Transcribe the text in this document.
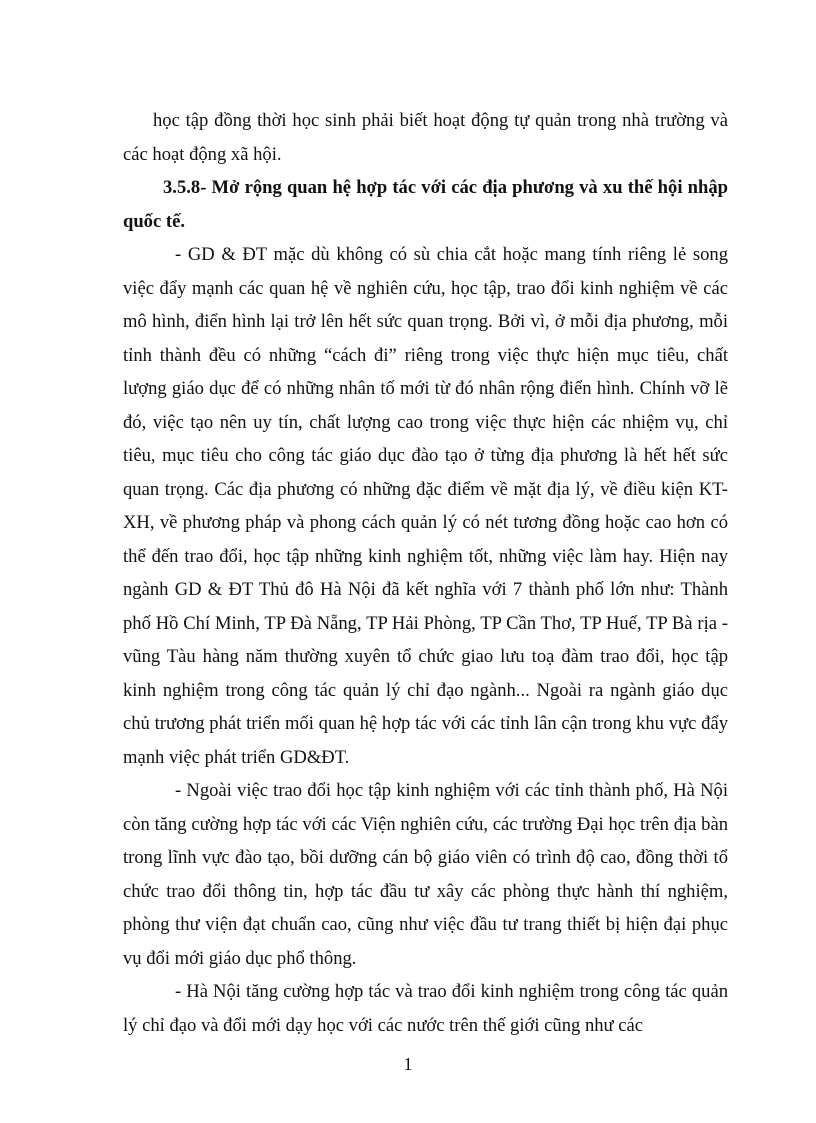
học tập đồng thời học sinh phải biết hoạt động tự quản trong nhà trường và các hoạt động xã hội.

3.5.8- Mở rộng quan hệ hợp tác với các địa phương và xu thế hội nhập quốc tế.

- GD & ĐT mặc dù không có sù chia cắt hoặc mang tính riêng lẻ song việc đẩy mạnh các quan hệ về nghiên cứu, học tập, trao đổi kinh nghiệm về các mô hình, điển hình lại trở lên hết sức quan trọng. Bởi vì, ở mỗi địa phương, mỗi tỉnh thành đều có những “cách đi” riêng trong việc thực hiện mục tiêu, chất lượng giáo dục để có những nhân tố mới từ đó nhân rộng điển hình. Chính vỡ lẽ đó, việc tạo nên uy tín, chất lượng cao trong việc thực hiện các nhiệm vụ, chỉ tiêu, mục tiêu cho công tác giáo dục đào tạo ở từng địa phương là hết hết sức quan trọng. Các địa phương có những đặc điểm về mặt địa lý, về điều kiện KT-XH, về phương pháp và phong cách quản lý có nét tương đồng hoặc cao hơn có thể đến trao đổi, học tập những kinh nghiệm tốt, những việc làm hay. Hiện nay ngành GD & ĐT Thủ đô Hà Nội đã kết nghĩa với 7 thành phố lớn như: Thành phố Hồ Chí Minh, TP Đà Nẵng, TP Hải Phòng, TP Cần Thơ, TP Huế, TP Bà rịa - vũng Tàu hàng năm thường xuyên tổ chức giao lưu toạ đàm trao đổi, học tập kinh nghiệm trong công tác quản lý chỉ đạo ngành... Ngoài ra ngành giáo dục chủ trương phát triển mối quan hệ hợp tác với các tỉnh lân cận trong khu vực đẩy mạnh việc phát triển GD&ĐT.

- Ngoài việc trao đổi học tập kinh nghiệm với các tỉnh thành phố, Hà Nội còn tăng cường hợp tác với các Viện nghiên cứu, các trường Đại học trên địa bàn trong lĩnh vực đào tạo, bồi dưỡng cán bộ giáo viên có trình độ cao, đồng thời tổ chức trao đổi thông tin, hợp tác đầu tư xây các phòng thực hành thí nghiệm, phòng thư viện đạt chuẩn cao, cũng như việc đầu tư trang thiết bị hiện đại phục vụ đổi mới giáo dục phổ thông.

- Hà Nội tăng cường hợp tác và trao đổi kinh nghiệm trong công tác quản lý chỉ đạo và đổi mới dạy học với các nước trên thế giới cũng như các

1
